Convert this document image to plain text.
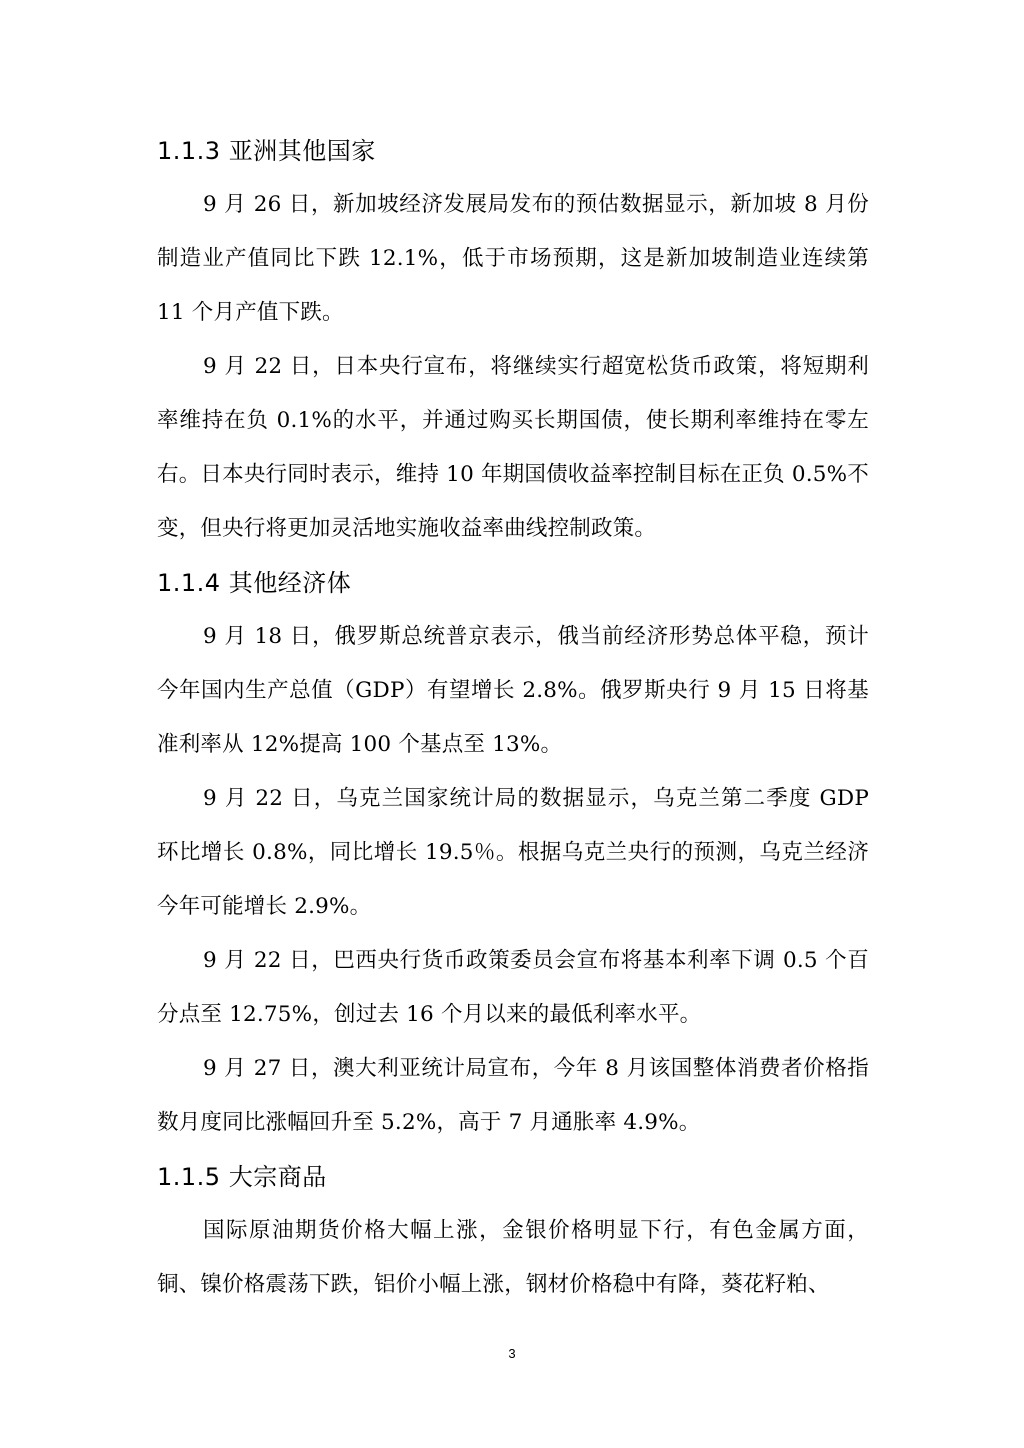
1.1.3 亚洲其他国家

9 月 26 日，新加坡经济发展局发布的预估数据显示，新加坡 8 月份制造业产值同比下跌 12.1%，低于市场预期，这是新加坡制造业连续第 11 个月产值下跌。

9 月 22 日，日本央行宣布，将继续实行超宽松货币政策，将短期利率维持在负 0.1%的水平，并通过购买长期国债，使长期利率维持在零左右。日本央行同时表示，维持 10 年期国债收益率控制目标在正负 0.5%不变，但央行将更加灵活地实施收益率曲线控制政策。

1.1.4 其他经济体

9 月 18 日，俄罗斯总统普京表示，俄当前经济形势总体平稳，预计今年国内生产总值（GDP）有望增长 2.8%。俄罗斯央行 9 月 15 日将基准利率从 12%提高 100 个基点至 13%。

9 月 22 日，乌克兰国家统计局的数据显示，乌克兰第二季度 GDP 环比增长 0.8%，同比增长 19.5％。根据乌克兰央行的预测，乌克兰经济今年可能增长 2.9%。

9 月 22 日，巴西央行货币政策委员会宣布将基本利率下调 0.5 个百分点至 12.75%，创过去 16 个月以来的最低利率水平。

9 月 27 日，澳大利亚统计局宣布，今年 8 月该国整体消费者价格指数月度同比涨幅回升至 5.2%，高于 7 月通胀率 4.9%。

1.1.5 大宗商品

国际原油期货价格大幅上涨，金银价格明显下行，有色金属方面，铜、镍价格震荡下跌，铝价小幅上涨，钢材价格稳中有降，葵花籽粕、

3
